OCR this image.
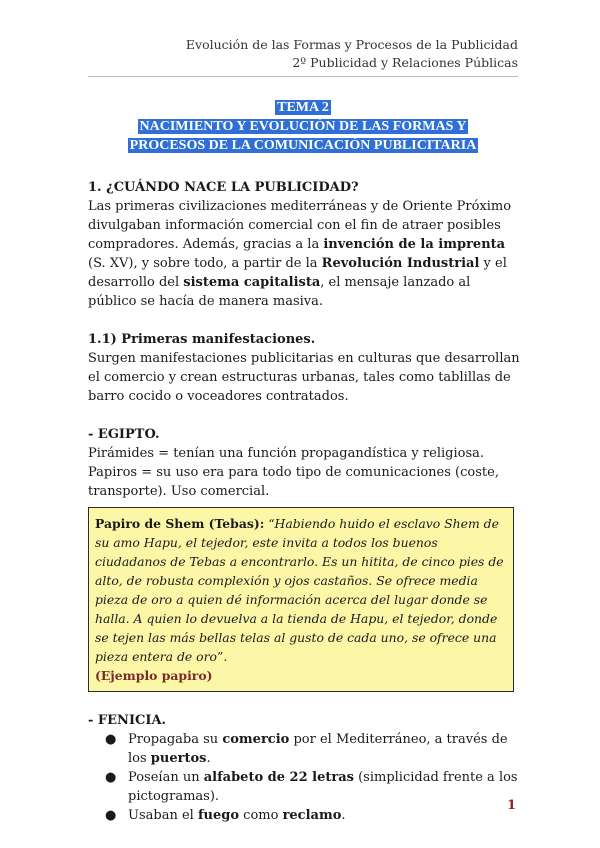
Evolución de las Formas y Procesos de la Publicidad
2º Publicidad y Relaciones Públicas
TEMA 2
NACIMIENTO Y EVOLUCIÓN DE LAS FORMAS Y
PROCESOS DE LA COMUNICACIÓN PUBLICITARIA

1. ¿CUÁNDO NACE LA PUBLICIDAD?

Las primeras civilizaciones mediterráneas y de Oriente Próximo divulgaban información comercial con el fin de atraer posibles compradores. Además, gracias a la invención de la imprenta (S. XV), y sobre todo, a partir de la Revolución Industrial y el desarrollo del sistema capitalista, el mensaje lanzado al público se hacía de manera masiva.

1.1) Primeras manifestaciones.

Surgen manifestaciones publicitarias en culturas que desarrollan el comercio y crean estructuras urbanas, tales como tablillas de barro cocido o voceadores contratados.

- EGIPTO.

Pirámides = tenían una función propagandística y religiosa.

Papiros = su uso era para todo tipo de comunicaciones (coste, transporte). Uso comercial.

Papiro de Shem (Tebas): “Habiendo huido el esclavo Shem de su amo Hapu, el tejedor, este invita a todos los buenos ciudadanos de Tebas a encontrarlo. Es un hitita, de cinco pies de alto, de robusta complexión y ojos castaños. Se ofrece media pieza de oro a quien dé información acerca del lugar donde se halla. A quien lo devuelva a la tienda de Hapu, el tejedor, donde se tejen las más bellas telas al gusto de cada uno, se ofrece una pieza entera de oro”.
(Ejemplo papiro)

- FENICIA.

● Propagaba su comercio por el Mediterráneo, a través de los puertos.
● Poseían un alfabeto de 22 letras (simplicidad frente a los pictogramas).
● Usaban el fuego como reclamo.
1
